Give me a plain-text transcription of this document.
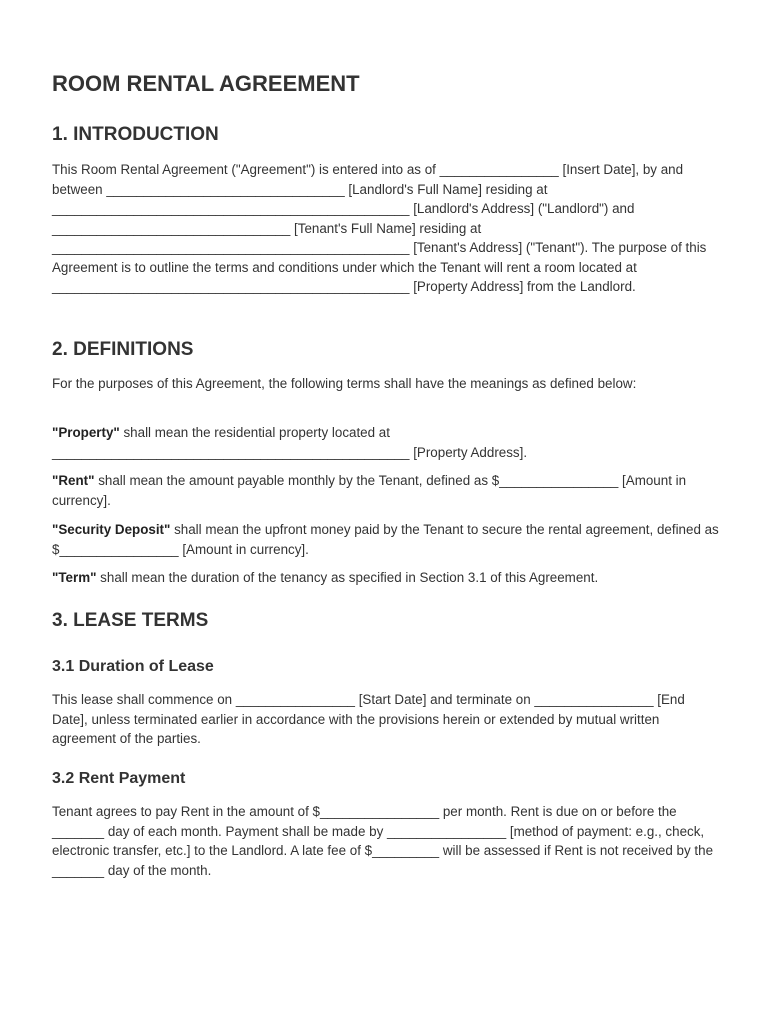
ROOM RENTAL AGREEMENT
1. INTRODUCTION

This Room Rental Agreement ("Agreement") is entered into as of ________________ [Insert Date], by and between ________________________________ [Landlord's Full Name] residing at ________________________________________________ [Landlord's Address] ("Landlord") and ________________________________ [Tenant's Full Name] residing at ________________________________________________ [Tenant's Address] ("Tenant"). The purpose of this Agreement is to outline the terms and conditions under which the Tenant will rent a room located at ________________________________________________ [Property Address] from the Landlord.

2. DEFINITIONS

For the purposes of this Agreement, the following terms shall have the meanings as defined below:

"Property" shall mean the residential property located at ________________________________________________ [Property Address].

"Rent" shall mean the amount payable monthly by the Tenant, defined as $________________ [Amount in currency].

"Security Deposit" shall mean the upfront money paid by the Tenant to secure the rental agreement, defined as $________________ [Amount in currency].

"Term" shall mean the duration of the tenancy as specified in Section 3.1 of this Agreement.

3. LEASE TERMS
3.1 Duration of Lease

This lease shall commence on ________________ [Start Date] and terminate on ________________ [End Date], unless terminated earlier in accordance with the provisions herein or extended by mutual written agreement of the parties.

3.2 Rent Payment

Tenant agrees to pay Rent in the amount of $________________ per month. Rent is due on or before the _______ day of each month. Payment shall be made by ________________ [method of payment: e.g., check, electronic transfer, etc.] to the Landlord. A late fee of $_________ will be assessed if Rent is not received by the _______ day of the month.
